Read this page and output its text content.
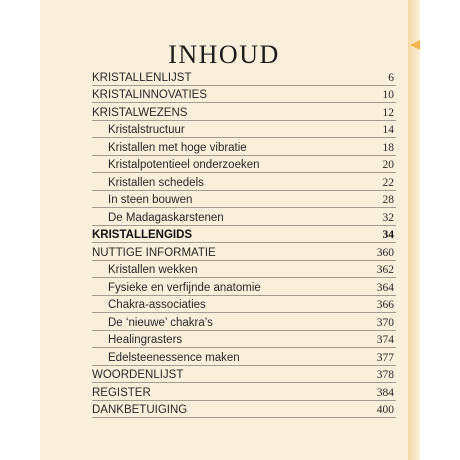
INHOUD
KRISTALLENLIJST	6
KRISTALINNOVATIES	10
KRISTALWEZENS	12
Kristalstructuur	14
Kristallen met hoge vibratie	18
Kristalpotentieel onderzoeken	20
Kristallen schedels	22
In steen bouwen	28
De Madagaskarstenen	32
KRISTALLENGIDS	34
NUTTIGE INFORMATIE	360
Kristallen wekken	362
Fysieke en verfijnde anatomie	364
Chakra-associaties	366
De ‘nieuwe’ chakra’s	370
Healingrasters	374
Edelsteenessence maken	377
WOORDENLIJST	378
REGISTER	384
DANKBETUIGING	400
